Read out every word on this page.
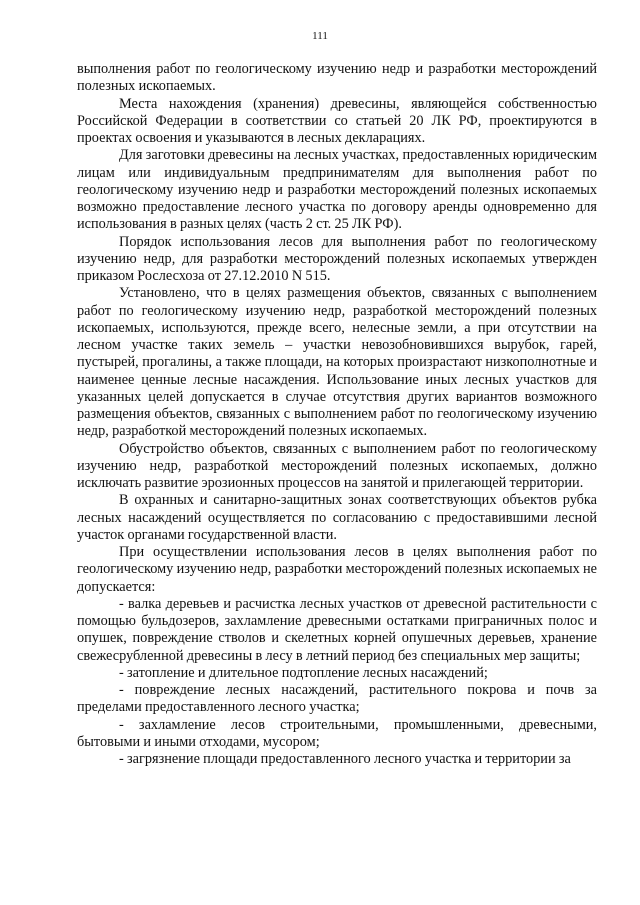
111

выполнения работ по геологическому изучению недр и разработки месторождений полезных ископаемых.

Места нахождения (хранения) древесины, являющейся собственностью Российской Федерации в соответствии со статьей 20 ЛК РФ, проектируются в проектах освоения и указываются в лесных декларациях.

Для заготовки древесины на лесных участках, предоставленных юридическим лицам или индивидуальным предпринимателям для выполнения работ по геологическому изучению недр и разработки месторождений полезных ископаемых возможно предоставление лесного участка по договору аренды одновременно для использования в разных целях (часть 2 ст. 25 ЛК РФ).

Порядок использования лесов для выполнения работ по геологическому изучению недр, для разработки месторождений полезных ископаемых утвержден приказом Рослесхоза от 27.12.2010 N 515.

Установлено, что в целях размещения объектов, связанных с выполнением работ по геологическому изучению недр, разработкой месторождений полезных ископаемых, используются, прежде всего, нелесные земли, а при отсутствии на лесном участке таких земель – участки невозобновившихся вырубок, гарей, пустырей, прогалины, а также площади, на которых произрастают низкополнотные и наименее ценные лесные насаждения. Использование иных лесных участков для указанных целей допускается в случае отсутствия других вариантов возможного размещения объектов, связанных с выполнением работ по геологическому изучению недр, разработкой месторождений полезных ископаемых.

Обустройство объектов, связанных с выполнением работ по геологическому изучению недр, разработкой месторождений полезных ископаемых, должно исключать развитие эрозионных процессов на занятой и прилегающей территории.

В охранных и санитарно-защитных зонах соответствующих объектов рубка лесных насаждений осуществляется по согласованию с предоставившими лесной участок органами государственной власти.

При осуществлении использования лесов в целях выполнения работ по геологическому изучению недр, разработки месторождений полезных ископаемых не допускается:

- валка деревьев и расчистка лесных участков от древесной растительности с помощью бульдозеров, захламление древесными остатками приграничных полос и опушек, повреждение стволов и скелетных корней опушечных деревьев, хранение свежесрубленной древесины в лесу в летний период без специальных мер защиты;

- затопление и длительное подтопление лесных насаждений;

- повреждение лесных насаждений, растительного покрова и почв за пределами предоставленного лесного участка;

- захламление лесов строительными, промышленными, древесными, бытовыми и иными отходами, мусором;

- загрязнение площади предоставленного лесного участка и территории за
